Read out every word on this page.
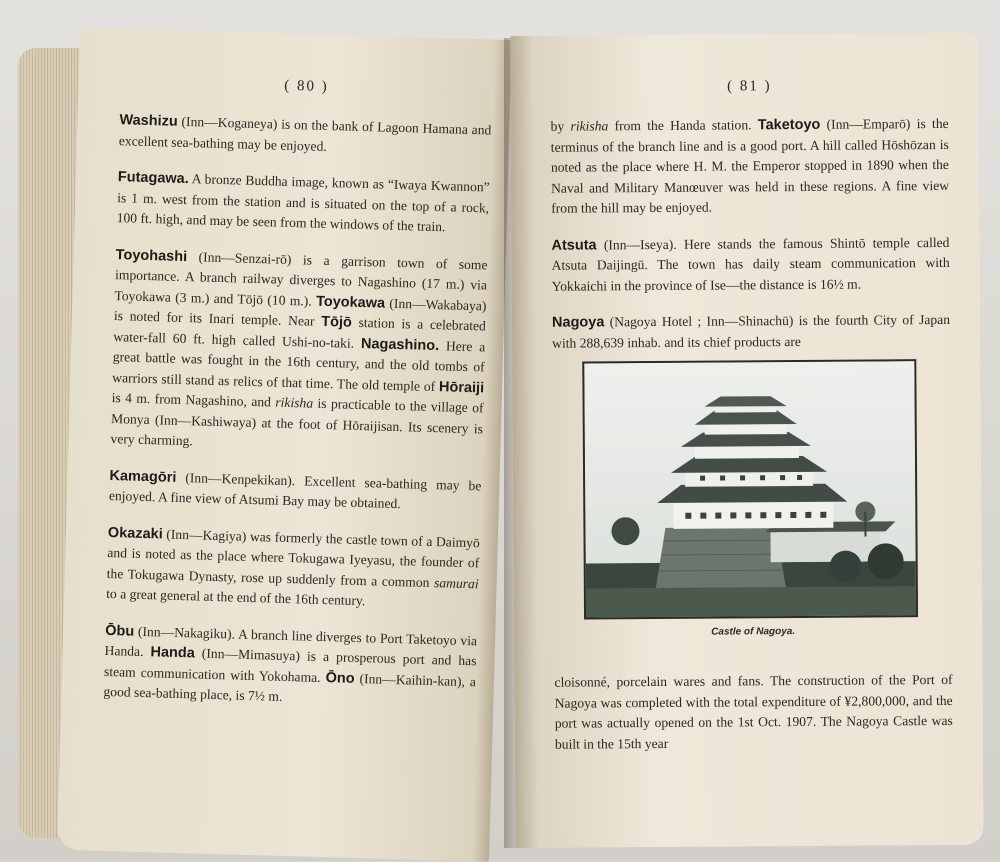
( 80 )

Washizu (Inn—Koganeya) is on the bank of Lagoon Hamana and excellent sea-bathing may be enjoyed.

Futagawa. A bronze Buddha image, known as “Iwaya Kwannon” is 1 m. west from the station and is situated on the top of a rock, 100 ft. high, and may be seen from the windows of the train.

Toyohashi (Inn—Senzai-rō) is a garrison town of some importance. A branch railway diverges to Nagashino (17 m.) via Toyokawa (3 m.) and Tōjō (10 m.). Toyokawa (Inn—Wakabaya) is noted for its Inari temple. Near Tōjō station is a celebrated water-fall 60 ft. high called Ushi-no-taki. Nagashino. Here a great battle was fought in the 16th century, and the old tombs of warriors still stand as relics of that time. The old temple of Hōraiji is 4 m. from Nagashino, and rikisha is practicable to the village of Monya (Inn—Kashiwaya) at the foot of Hōraijisan. Its scenery is very charming.

Kamagōri (Inn—Kenpekikan). Excellent sea-bathing may be enjoyed. A fine view of Atsumi Bay may be obtained.

Okazaki (Inn—Kagiya) was formerly the castle town of a Daimyō and is noted as the place where Tokugawa Iyeyasu, the founder of the Tokugawa Dynasty, rose up suddenly from a common samurai to a great general at the end of the 16th century.

Ōbu (Inn—Nakagiku). A branch line diverges to Port Taketoyo via Handa. Handa (Inn—Mimasuya) is a prosperous port and has steam communication with Yokohama. Ōno (Inn—Kaihin-kan), a good sea-bathing place, is 7½ m.

( 81 )

by rikisha from the Handa station. Taketoyo (Inn—Emparō) is the terminus of the branch line and is a good port. A hill called Hōshōzan is noted as the place where H. M. the Emperor stopped in 1890 when the Naval and Military Manœuver was held in these regions. A fine view from the hill may be enjoyed.

Atsuta (Inn—Iseya). Here stands the famous Shintō temple called Atsuta Daijingū. The town has daily steam communication with Yokkaichi in the province of Ise—the distance is 16½ m.

Nagoya (Nagoya Hotel ; Inn—Shinachū) is the fourth City of Japan with 288,639 inhab. and its chief products are

Castle of Nagoya.

cloisonné, porcelain wares and fans. The construction of the Port of Nagoya was completed with the total expenditure of ¥2,800,000, and the port was actually opened on the 1st Oct. 1907. The Nagoya Castle was built in the 15th year
